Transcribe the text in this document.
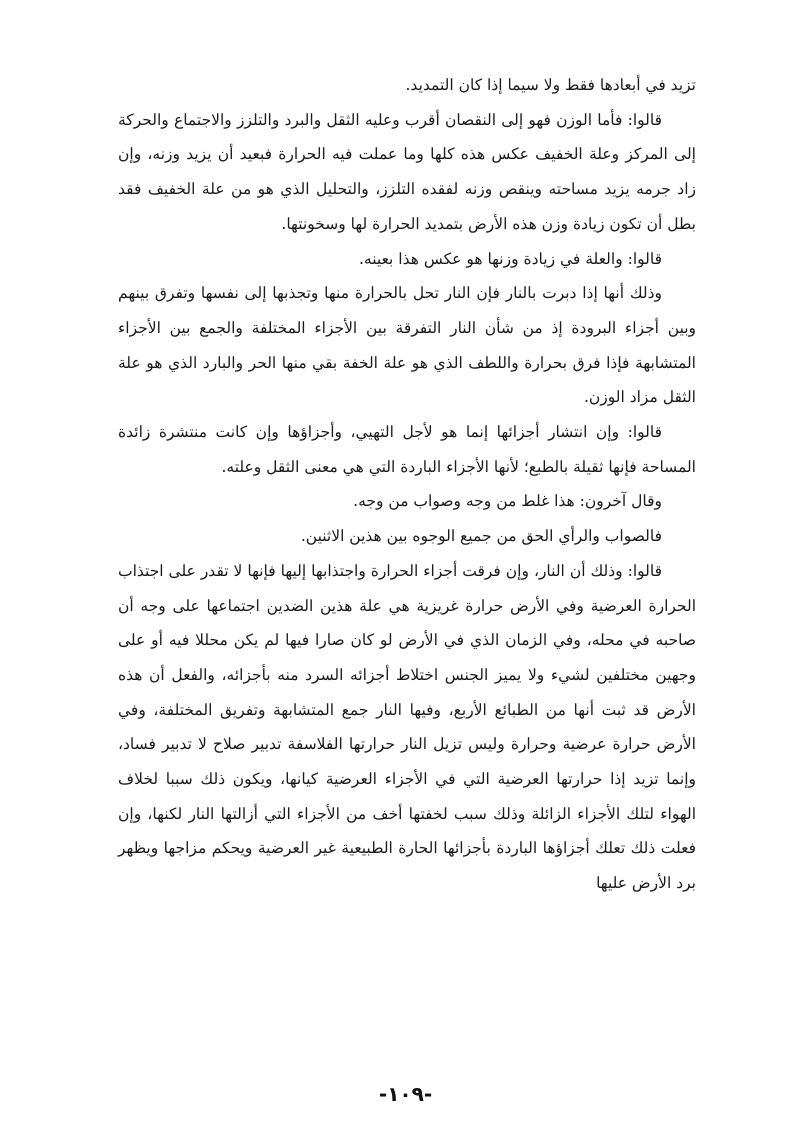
تزيد في أبعادها فقط ولا سيما إذا كان التمديد.

قالوا: فأما الوزن فهو إلى النقصان أقرب وعليه الثقل والبرد والتلزز والاجتماع والحركة إلى المركز وعلة الخفيف عكس هذه كلها وما عملت فيه الحرارة فبعيد أن يزيد وزنه، وإن زاد جرمه يزيد مساحته وينقص وزنه لفقده التلزز، والتحليل الذي هو من علة الخفيف فقد بطل أن تكون زيادة وزن هذه الأرض بتمديد الحرارة لها وسخونتها.

قالوا: والعلة في زيادة وزنها هو عكس هذا بعينه.

وذلك أنها إذا دبرت بالنار فإن النار تحل بالحرارة منها وتجذبها إلى نفسها وتفرق بينهم وبين أجزاء البرودة إذ من شأن النار التفرقة بين الأجزاء المختلفة والجمع بين الأجزاء المتشابهة فإذا فرق بحرارة واللطف الذي هو علة الخفة بقي منها الحر والبارد الذي هو علة الثقل مزاد الوزن.

قالوا: وإن انتشار أجزائها إنما هو لأجل التهيي، وأجزاؤها وإن كانت منتشرة زائدة المساحة فإنها ثقيلة بالطبع؛ لأنها الأجزاء الباردة التي هي معنى الثقل وعلته.

وقال آخرون: هذا غلط من وجه وصواب من وجه.

فالصواب والرأي الحق من جميع الوجوه بين هذين الاثنين.

قالوا: وذلك أن النار، وإن فرقت أجزاء الحرارة واجتذابها إليها فإنها لا تقدر على اجتذاب الحرارة العرضية وفي الأرض حرارة غريزية هي علة هذين الضدين اجتماعها على وجه أن صاحبه في محله، وفي الزمان الذي في الأرض لو كان صارا فيها لم يكن محللا فيه أو على وجهين مختلفين لشيء ولا يميز الجنس اختلاط أجزائه السرد منه بأجزائه، والفعل أن هذه الأرض قد ثبت أنها من الطبائع الأربع، وفيها النار جمع المتشابهة وتفريق المختلفة، وفي الأرض حرارة عرضية وحرارة وليس تزيل النار حرارتها الفلاسفة تدبير صلاح لا تدبير فساد، وإنما تزيد إذا حرارتها العرضية التي في الأجزاء العرضية كيانها، ويكون ذلك سببا لخلاف الهواء لتلك الأجزاء الزائلة وذلك سبب لخفتها أخف من الأجزاء التي أزالتها النار لكنها، وإن فعلت ذلك تعلك أجزاؤها الباردة بأجزائها الحارة الطبيعية غير العرضية ويحكم مزاجها ويظهر برد الأرض عليها

-١٠٩-
